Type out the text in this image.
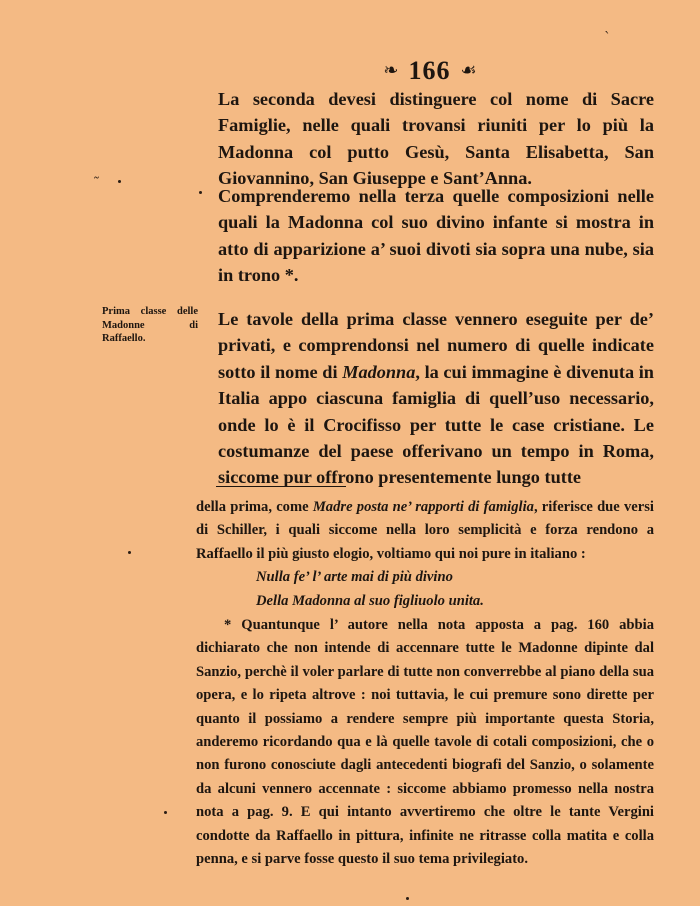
❧ 166 ☙

La seconda devesi distinguere col nome di Sacre Famiglie, nelle quali trovansi riuniti per lo più la Madonna col putto Gesù, Santa Elisabetta, San Giovannino, San Giuseppe e Sant’Anna.

Comprenderemo nella terza quelle composizioni nelle quali la Madonna col suo divino infante si mostra in atto di apparizione a’ suoi divoti sia sopra una nube, sia in trono *.

Prima classe delle Madonne di Raffaello.

Le tavole della prima classe vennero eseguite per de’ privati, e comprendonsi nel numero di quelle indicate sotto il nome di Madonna, la cui immagine è divenuta in Italia appo ciascuna famiglia di quell’uso necessario, onde lo è il Crocifisso per tutte le case cristiane. Le costumanze del paese offerivano un tempo in Roma, siccome pur offrono presentemente lungo tutte

della prima, come Madre posta ne’ rapporti di famiglia, riferisce due versi di Schiller, i quali siccome nella loro semplicità e forza rendono a Raffaello il più giusto elogio, voltiamo qui noi pure in italiano :

Nulla fe’ l’ arte mai di più divino

Della Madonna al suo figliuolo unita.

* Quantunque l’ autore nella nota apposta a pag. 160 abbia dichiarato che non intende di accennare tutte le Madonne dipinte dal Sanzio, perchè il voler parlare di tutte non converrebbe al piano della sua opera, e lo ripeta altrove : noi tuttavia, le cui premure sono dirette per quanto il possiamo a rendere sempre più importante questa Storia, anderemo ricordando qua e là quelle tavole di cotali composizioni, che o non furono conosciute dagli antecedenti biografi del Sanzio, o solamente da alcuni vennero accennate : siccome abbiamo promesso nella nostra nota a pag. 9. E qui intanto avvertiremo che oltre le tante Vergini condotte da Raffaello in pittura, infinite ne ritrasse colla matita e colla penna, e si parve fosse questo il suo tema privilegiato.

˷
`
